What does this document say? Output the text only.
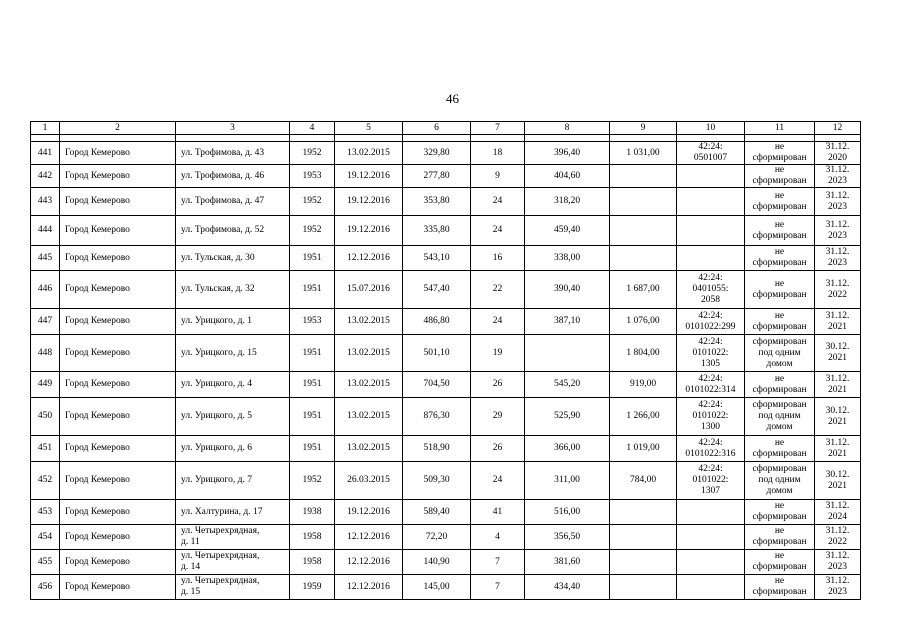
46
1	2	3	4	5	6	7	8	9	10	11	12

441	Город Кемерово	ул. Трофимова, д. 43	1952	13.02.2015	329,80	18	396,40	1 031,00	42:24:
0501007	не
сформирован	31.12.
2020
442	Город Кемерово	ул. Трофимова, д. 46	1953	19.12.2016	277,80	9	404,60			не
сформирован	31.12.
2023
443	Город Кемерово	ул. Трофимова, д. 47	1952	19.12.2016	353,80	24	318,20			не
сформирован	31.12.
2023
444	Город Кемерово	ул. Трофимова, д. 52	1952	19.12.2016	335,80	24	459,40			не
сформирован	31.12.
2023
445	Город Кемерово	ул. Тульская, д. 30	1951	12.12.2016	543,10	16	338,00			не
сформирован	31.12.
2023
446	Город Кемерово	ул. Тульская, д. 32	1951	15.07.2016	547,40	22	390,40	1 687,00	42:24:
0401055:
2058	не
сформирован	31.12.
2022
447	Город Кемерово	ул. Урицкого, д. 1	1953	13.02.2015	486,80	24	387,10	1 076,00	42:24:
0101022:299	не
сформирован	31.12.
2021
448	Город Кемерово	ул. Урицкого, д. 15	1951	13.02.2015	501,10	19		1 804,00	42:24:
0101022:
1305	сформирован
под одним
домом	30.12.
2021
449	Город Кемерово	ул. Урицкого, д. 4	1951	13.02.2015	704,50	26	545,20	919,00	42:24:
0101022:314	не
сформирован	31.12.
2021
450	Город Кемерово	ул. Урицкого, д. 5	1951	13.02.2015	876,30	29	525,90	1 266,00	42:24:
0101022:
1300	сформирован
под одним
домом	30.12.
2021
451	Город Кемерово	ул. Урицкого, д. 6	1951	13.02.2015	518,90	26	366,00	1 019,00	42:24:
0101022:316	не
сформирован	31.12.
2021
452	Город Кемерово	ул. Урицкого, д. 7	1952	26.03.2015	509,30	24	311,00	784,00	42:24:
0101022:
1307	сформирован
под одним
домом	30.12.
2021
453	Город Кемерово	ул. Халтурина, д. 17	1938	19.12.2016	589,40	41	516,00			не
сформирован	31.12.
2024
454	Город Кемерово	ул. Четырехрядная,
д. 11	1958	12.12.2016	72,20	4	356,50			не
сформирован	31.12.
2022
455	Город Кемерово	ул. Четырехрядная,
д. 14	1958	12.12.2016	140,90	7	381,60			не
сформирован	31.12.
2023
456	Город Кемерово	ул. Четырехрядная,
д. 15	1959	12.12.2016	145,00	7	434,40			не
сформирован	31.12.
2023
